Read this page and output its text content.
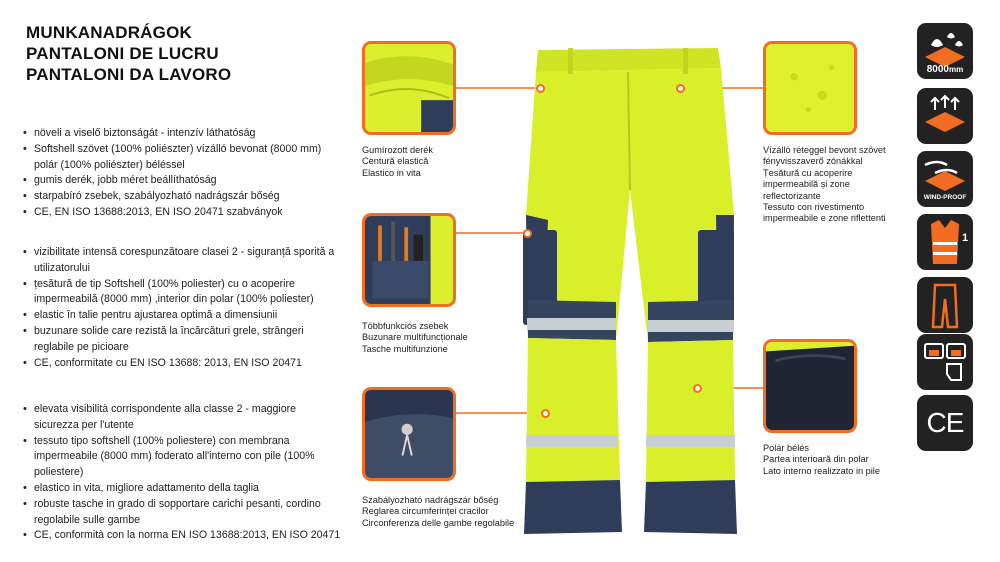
MUNKANADRÁGOK
PANTALONI DE LUCRU
PANTALONI DA LAVORO
• növeli a viselő biztonságát - intenzív láthatóság
• Softshell szövet (100% poliészter) vízálló bevonat (8000 mm) polár (100% poliészter) béléssel
• gumis derék, jobb méret beállíthatóság
• starpabíró zsebek, szabályozható nadrágszár bőség
• CE, EN ISO 13688:2013, EN ISO 20471 szabványok
• vizibilitate intensă corespunzătoare clasei 2 - siguranță sporită a utilizatorului
• țesătură de tip Softshell (100% poliester) cu o acoperire impermeabilă (8000 mm) ,interior din polar (100% poliester)
• elastic în talie pentru ajustarea optimă a dimensiunii
• buzunare solide care rezistă la încărcături grele, strângeri reglabile pe picioare
• CE, conformitate cu EN ISO 13688: 2013, EN ISO 20471
• elevata visibilità corrispondente alla classe 2 - maggiore sicurezza per l'utente
• tessuto tipo softshell (100% poliestere) con membrana impermeabile (8000 mm) foderato all'interno con pile (100% poliestere)
• elastico in vita, migliore adattamento della taglia
• robuste tasche in grado di sopportare carichi pesanti, cordino regolabile sulle gambe
• CE, conformità con la norma EN ISO 13688:2013, EN ISO 20471
Gumírozott derék
Centură elastică
Elastico in vita
Többfunkciós zsebek
Buzunare multifuncționale
Tasche multifunzione
Szabályozható nadrágszár bőség
Reglarea circumferinței cracilor
Circonferenza delle gambe regolabile
Vízálló réteggel bevont szövet
fényvisszaverő zónákkal
Țesătură cu acoperire
impermeabilă și zone
reflectorizante
Tessuto con rivestimento
impermeabile e zone riflettenti
Polár bélés
Partea interioară din polar
Lato interno realizzato in pile
8000mm
WIND-PROOF
1
CE
